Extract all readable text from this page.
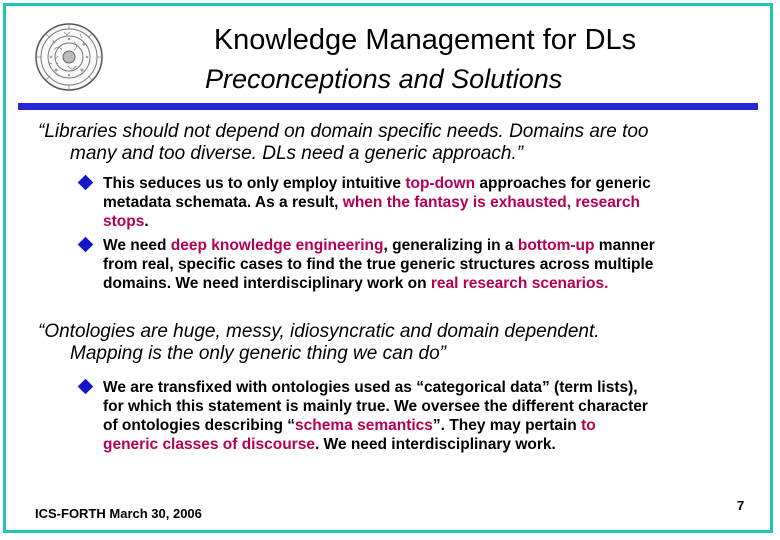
Knowledge Management for DLs
Preconceptions and Solutions
“Libraries should not depend on domain specific needs. Domains are too
many and too diverse. DLs need a generic approach.”
This seduces us to only employ intuitive top-down approaches for generic
metadata schemata. As a result, when the fantasy is exhausted, research
stops.
We need deep knowledge engineering, generalizing in a bottom-up manner
from real, specific cases to find the true generic structures across multiple
domains. We need interdisciplinary work on real research scenarios.
“Ontologies are huge, messy, idiosyncratic and domain dependent.
Mapping is the only generic thing we can do”
We are transfixed with ontologies used as “categorical data” (term lists),
for which this statement is mainly true. We oversee the different character
of ontologies describing “schema semantics”. They may pertain to
generic classes of discourse. We need interdisciplinary work.
ICS-FORTH March 30, 2006
7
